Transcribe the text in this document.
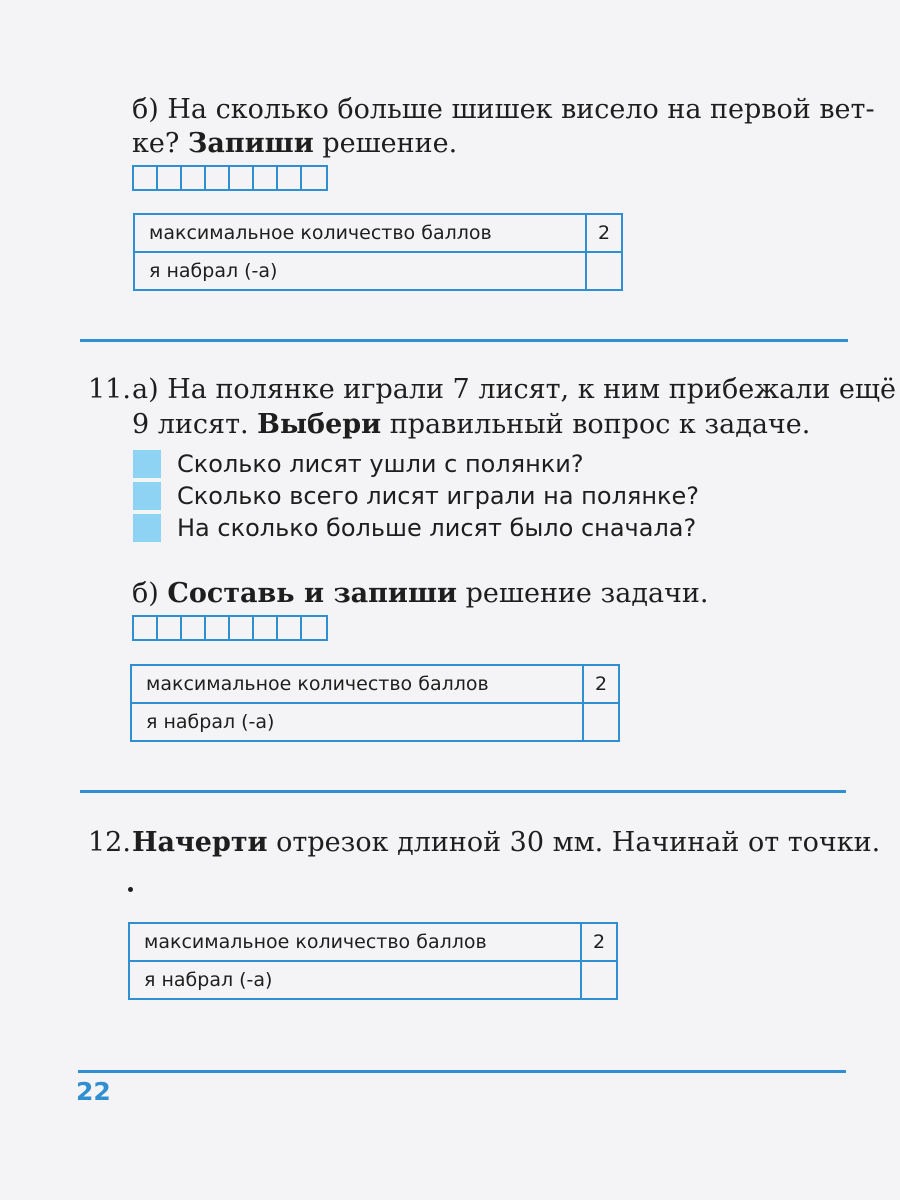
б) На сколько больше шишек висело на первой вет-
ке? Запиши решение.
максимальное количество баллов	2
я набрал (-а)	
11. а) На полянке играли 7 лисят, к ним прибежали ещё
9 лисят. Выбери правильный вопрос к задаче.
Сколько лисят ушли с полянки?
Сколько всего лисят играли на полянке?
На сколько больше лисят было сначала?
б) Составь и запиши решение задачи.
максимальное количество баллов	2
я набрал (-а)	
12. Начерти отрезок длиной 30 мм. Начинай от точки.
максимальное количество баллов	2
я набрал (-а)	
22
